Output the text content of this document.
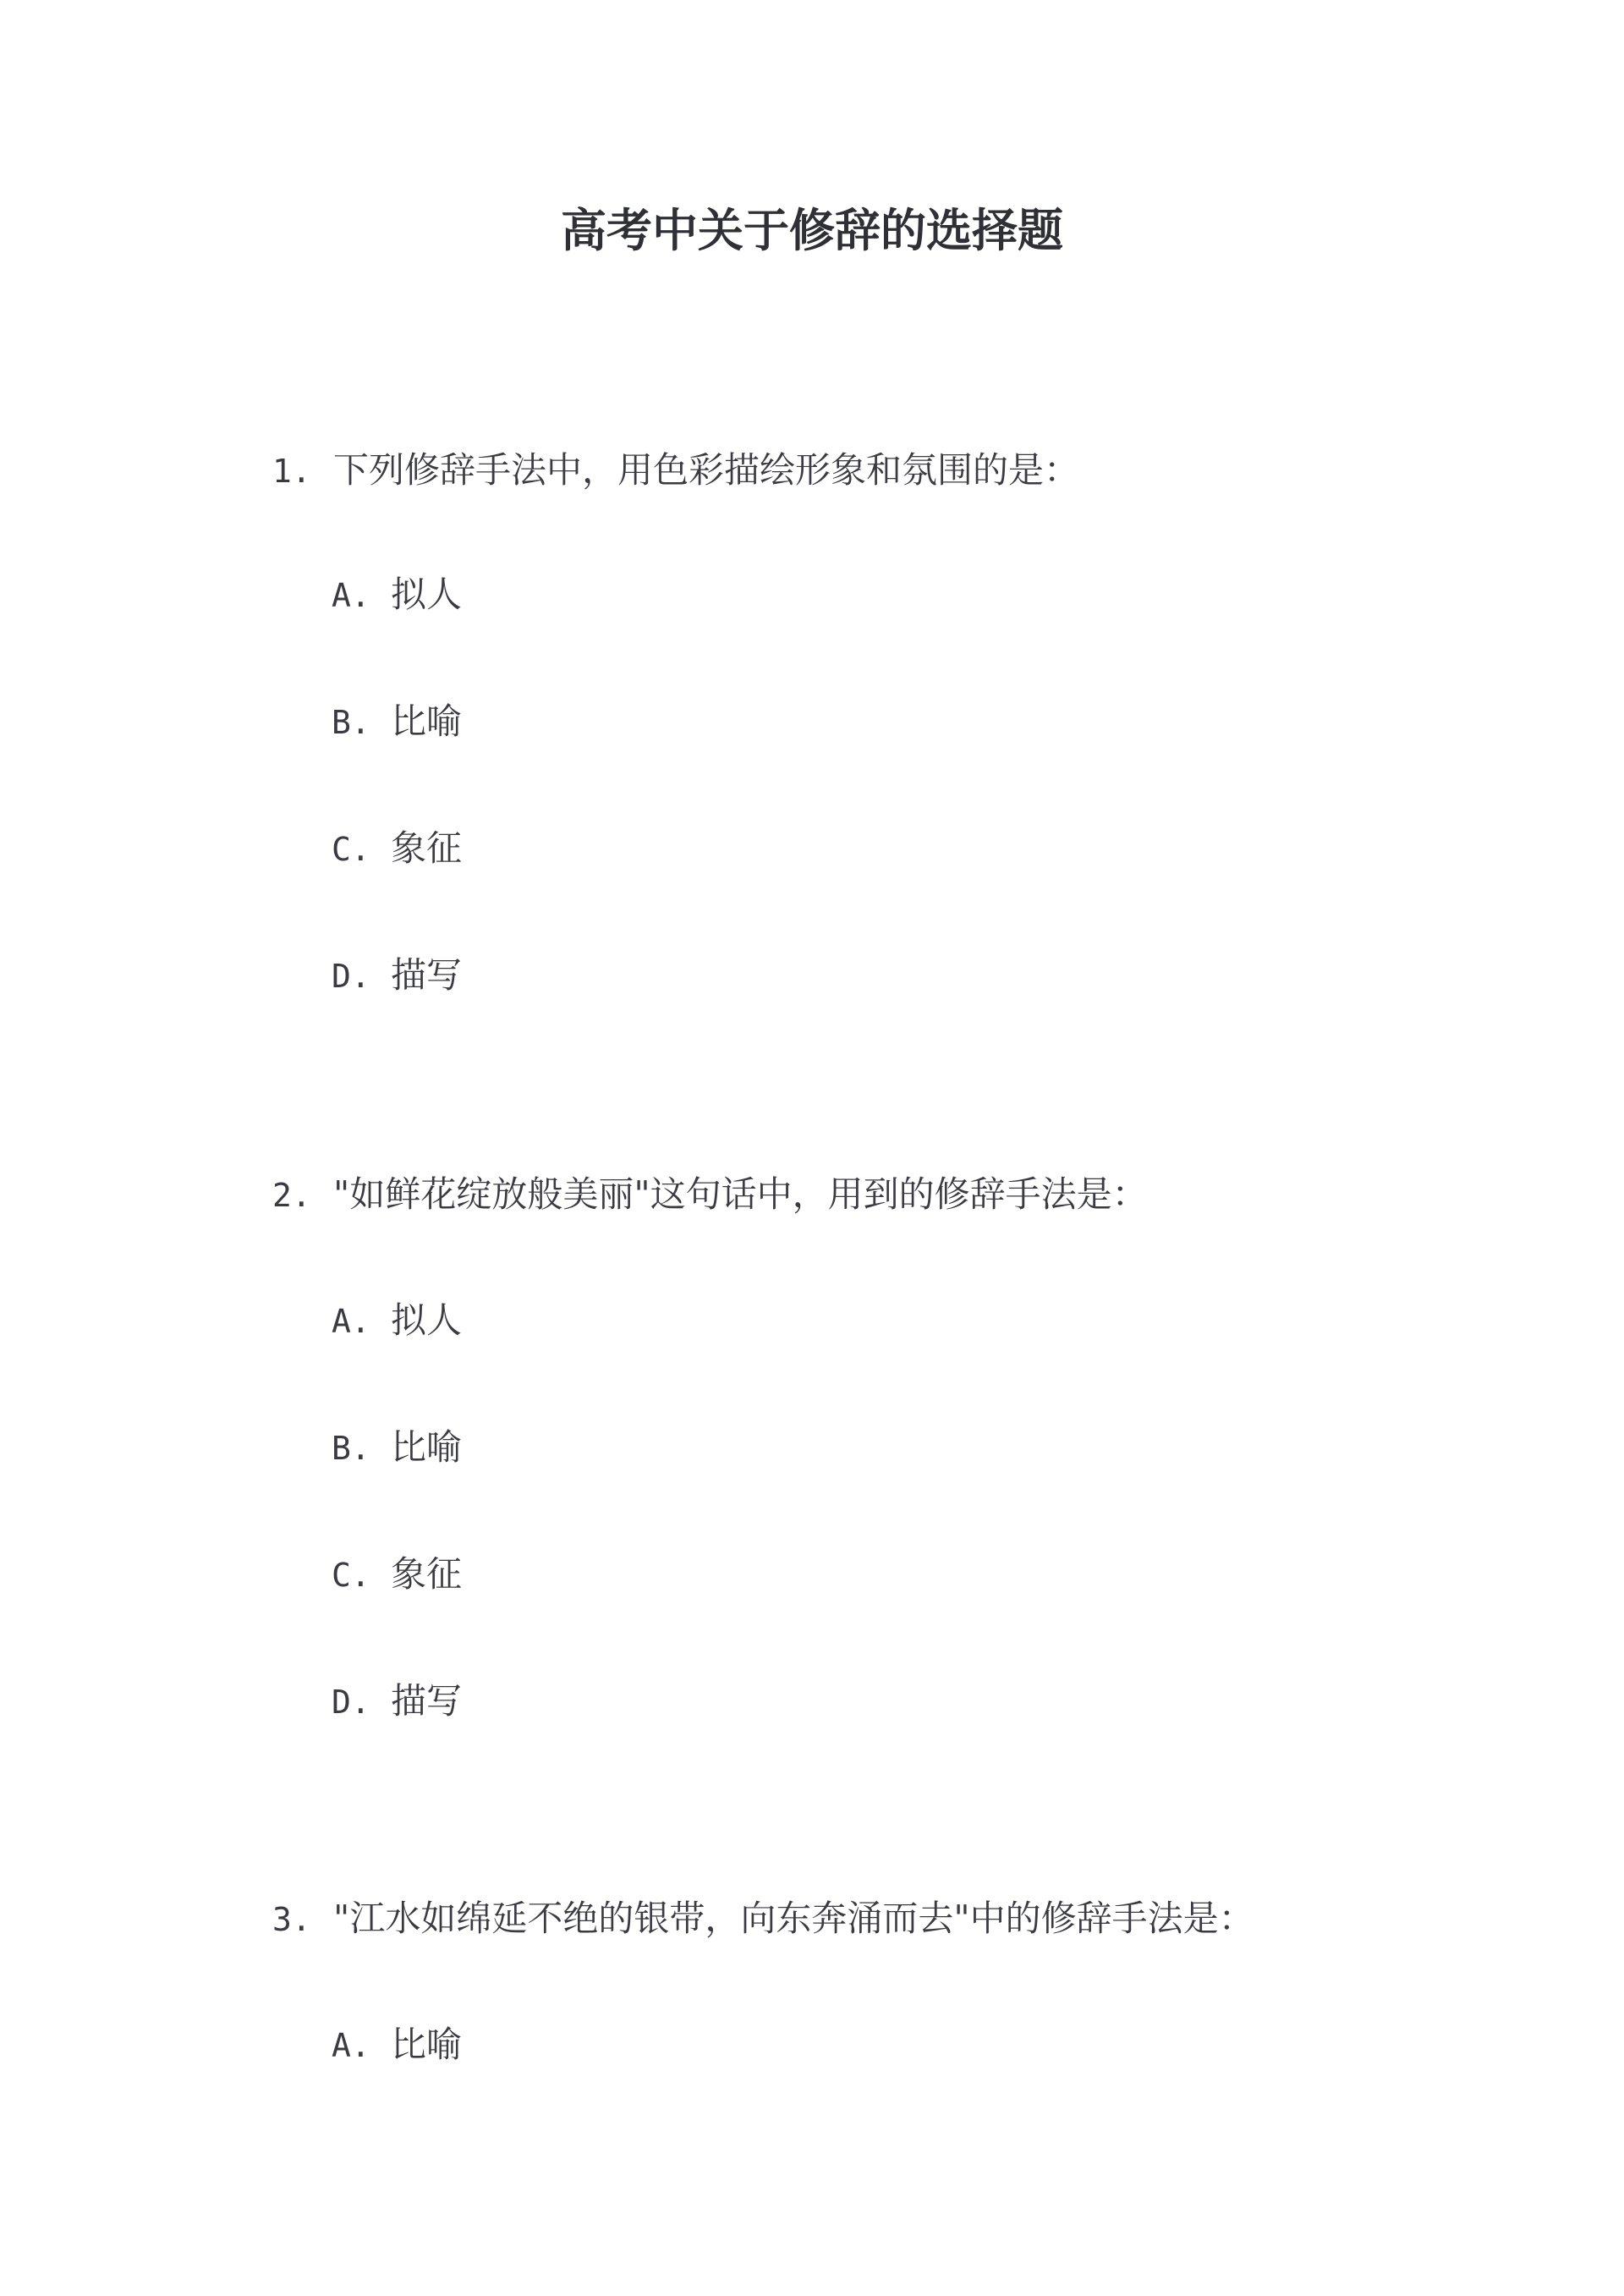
高考中关于修辞的选择题
1. 下列修辞手法中，用色彩描绘形象和氛围的是：
A. 拟人
B. 比喻
C. 象征
D. 描写
2. "如鲜花绽放般美丽"这句话中，用到的修辞手法是：
A. 拟人
B. 比喻
C. 象征
D. 描写
3. "江水如绵延不绝的银带，向东奔涌而去"中的修辞手法是：
A. 比喻
